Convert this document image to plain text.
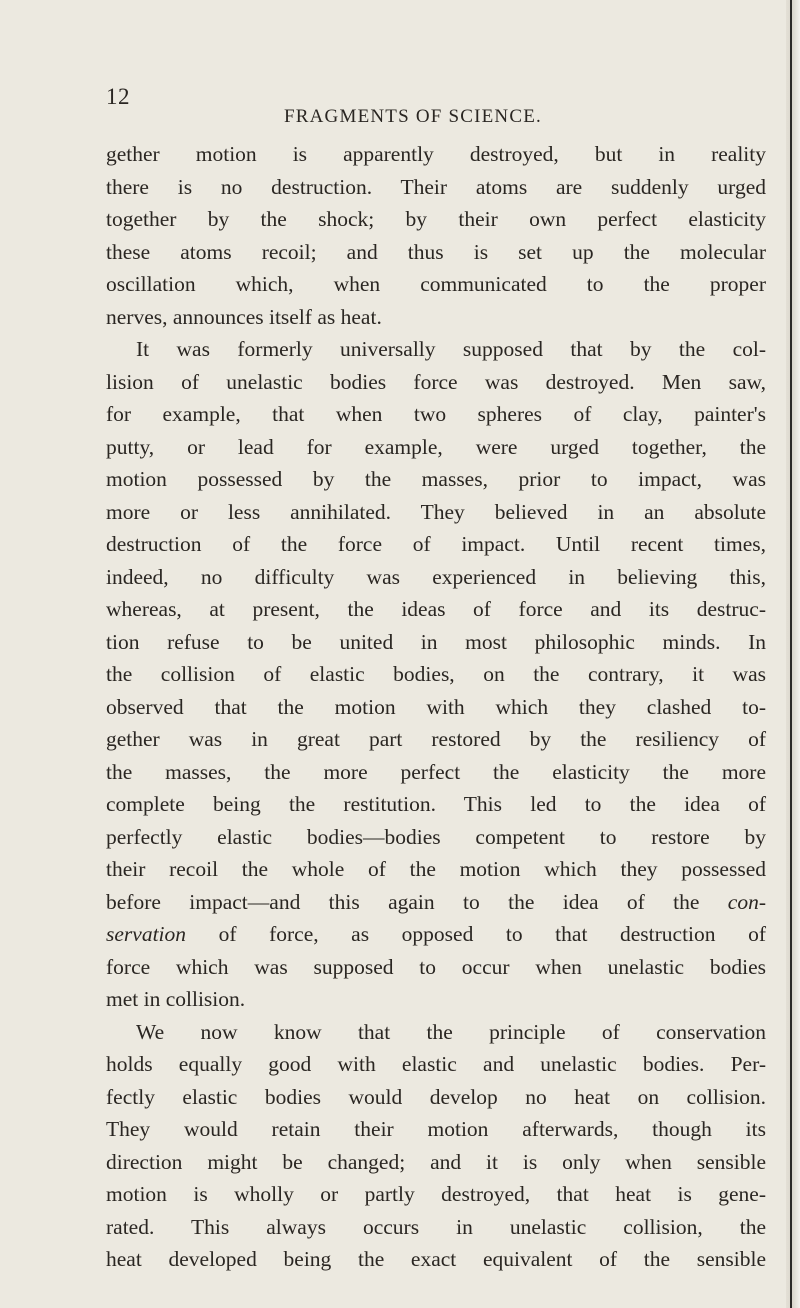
12
FRAGMENTS OF SCIENCE.
gether motion is apparently destroyed, but in reality
there is no destruction. Their atoms are suddenly urged
together by the shock; by their own perfect elasticity
these atoms recoil; and thus is set up the molecular
oscillation which, when communicated to the proper
nerves, announces itself as heat.
It was formerly universally supposed that by the col-
lision of unelastic bodies force was destroyed. Men saw,
for example, that when two spheres of clay, painter's
putty, or lead for example, were urged together, the
motion possessed by the masses, prior to impact, was
more or less annihilated. They believed in an absolute
destruction of the force of impact. Until recent times,
indeed, no difficulty was experienced in believing this,
whereas, at present, the ideas of force and its destruc-
tion refuse to be united in most philosophic minds. In
the collision of elastic bodies, on the contrary, it was
observed that the motion with which they clashed to-
gether was in great part restored by the resiliency of
the masses, the more perfect the elasticity the more
complete being the restitution. This led to the idea of
perfectly elastic bodies—bodies competent to restore by
their recoil the whole of the motion which they possessed
before impact—and this again to the idea of the con-
servation of force, as opposed to that destruction of
force which was supposed to occur when unelastic bodies
met in collision.
We now know that the principle of conservation
holds equally good with elastic and unelastic bodies. Per-
fectly elastic bodies would develop no heat on collision.
They would retain their motion afterwards, though its
direction might be changed; and it is only when sensible
motion is wholly or partly destroyed, that heat is gene-
rated. This always occurs in unelastic collision, the
heat developed being the exact equivalent of the sensible
